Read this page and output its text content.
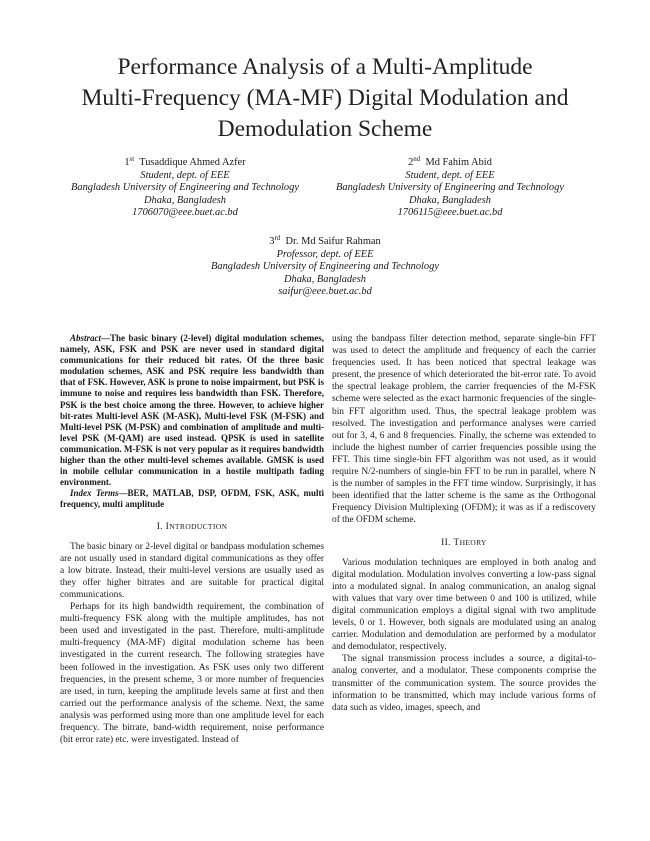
Performance Analysis of a Multi-Amplitude
Multi-Frequency (MA-MF) Digital Modulation and
Demodulation Scheme
1st Tusaddique Ahmed Azfer
Student, dept. of EEE
Bangladesh University of Engineering and Technology
Dhaka, Bangladesh
1706070@eee.buet.ac.bd
2nd Md Fahim Abid
Student, dept. of EEE
Bangladesh University of Engineering and Technology
Dhaka, Bangladesh
1706115@eee.buet.ac.bd
3rd Dr. Md Saifur Rahman
Professor, dept. of EEE
Bangladesh University of Engineering and Technology
Dhaka, Bangladesh
saifur@eee.buet.ac.bd

Abstract—The basic binary (2-level) digital modulation schemes, namely, ASK, FSK and PSK are never used in standard digital communications for their reduced bit rates. Of the three basic modulation schemes, ASK and PSK require less bandwidth than that of FSK. However, ASK is prone to noise impairment, but PSK is immune to noise and requires less bandwidth than FSK. Therefore, PSK is the best choice among the three. However, to achieve higher bit-rates Multi-level ASK (M-ASK), Multi-level FSK (M-FSK) and Multi-level PSK (M-PSK) and combination of amplitude and multi-level PSK (M-QAM) are used instead. QPSK is used in satellite communication. M-FSK is not very popular as it requires bandwidth higher than the other multi-level schemes available. GMSK is used in mobile cellular communication in a hostile multipath fading environment.

Index Terms—BER, MATLAB, DSP, OFDM, FSK, ASK, multi frequency, multi amplitude

I. INTRODUCTION

The basic binary or 2-level digital or bandpass modulation schemes are not usually used in standard digital communications as they offer a low bitrate. Instead, their multi-level versions are usually used as they offer higher bitrates and are suitable for practical digital communications.

Perhaps for its high bandwidth requirement, the combination of multi-frequency FSK along with the multiple amplitudes, has not been used and investigated in the past. Therefore, multi-amplitude multi-frequency (MA-MF) digital modulation scheme has been investigated in the current research. The following strategies have been followed in the investigation. As FSK uses only two different frequencies, in the present scheme, 3 or more number of frequencies are used, in turn, keeping the amplitude levels same at first and then carried out the performance analysis of the scheme. Next, the same analysis was performed using more than one amplitude level for each frequency. The bitrate, band-width requirement, noise performance (bit error rate) etc. were investigated. Instead of

using the bandpass filter detection method, separate single-bin FFT was used to detect the amplitude and frequency of each the carrier frequencies used. It has been noticed that spectral leakage was present, the presence of which deteriorated the bit-error rate. To avoid the spectral leakage problem, the carrier frequencies of the M-FSK scheme were selected as the exact harmonic frequencies of the single-bin FFT algorithm used. Thus, the spectral leakage problem was resolved. The investigation and performance analyses were carried out for 3, 4, 6 and 8 frequencies. Finally, the scheme was extended to include the highest number of carrier frequencies possible using the FFT. This time single-bin FFT algorithm was not used, as it would require N/2-numbers of single-bin FFT to be run in parallel, where N is the number of samples in the FFT time window. Surprisingly, it has been identified that the latter scheme is the same as the Orthogonal Frequency Division Multiplexing (OFDM); it was as if a rediscovery of the OFDM scheme.

II. THEORY

Various modulation techniques are employed in both analog and digital modulation. Modulation involves converting a low-pass signal into a modulated signal. In analog communication, an analog signal with values that vary over time between 0 and 100 is utilized, while digital communication employs a digital signal with two amplitude levels, 0 or 1. However, both signals are modulated using an analog carrier. Modulation and demodulation are performed by a modulator and demodulator, respectively.

The signal transmission process includes a source, a digital-to-analog converter, and a modulator. These components comprise the transmitter of the communication system. The source provides the information to be transmitted, which may include various forms of data such as video, images, speech, and
